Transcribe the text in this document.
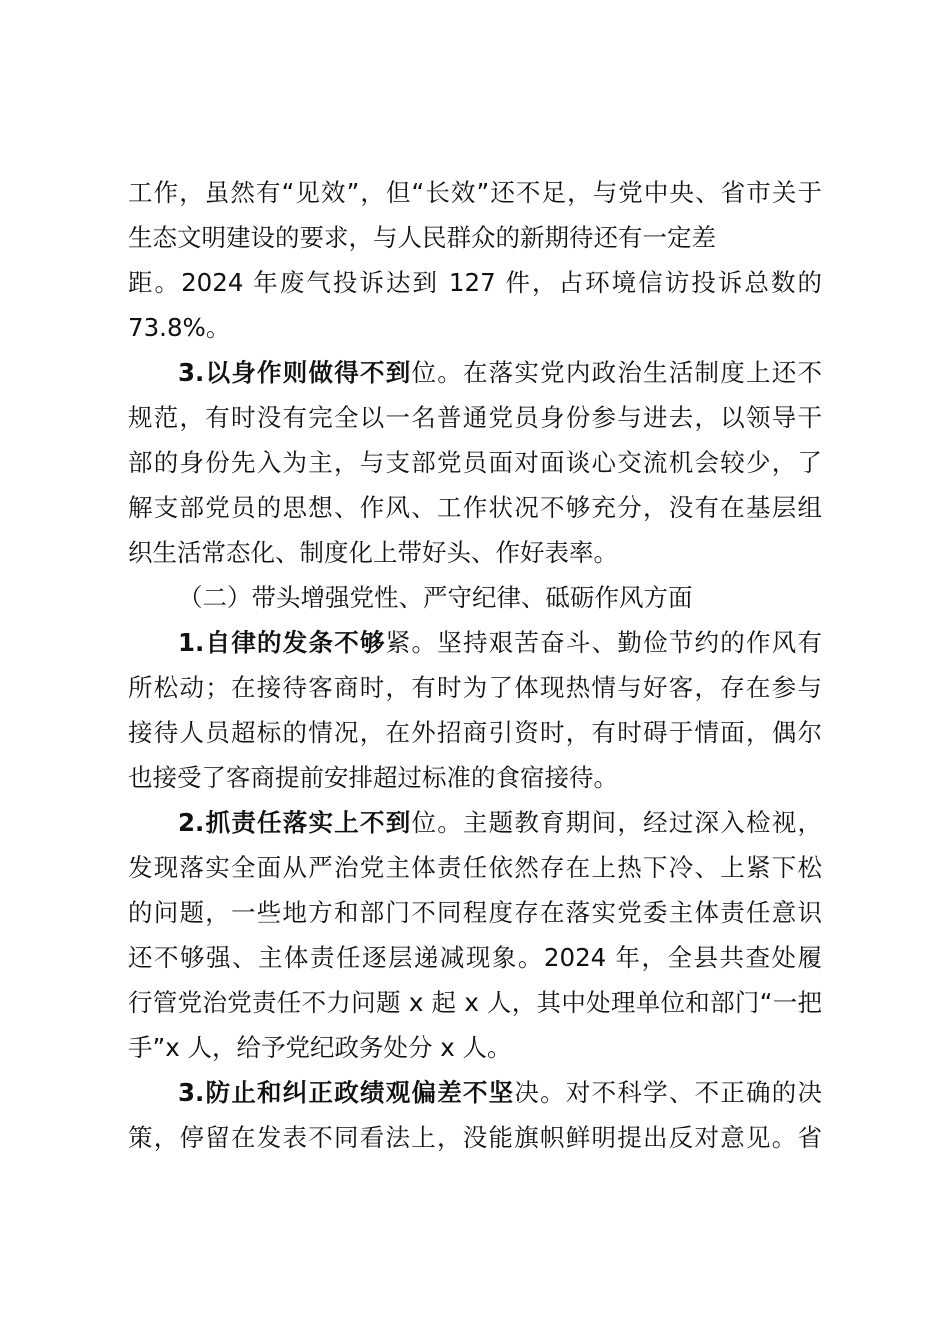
工作，虽然有“见效”，但“长效”还不足，与党中央、省市关于
生态文明建设的要求，与人民群众的新期待还有一定差
距。2024 年废气投诉达到 127 件，占环境信访投诉总数的
73.8%。
3.以身作则做得不到位。在落实党内政治生活制度上还不
规范，有时没有完全以一名普通党员身份参与进去，以领导干
部的身份先入为主，与支部党员面对面谈心交流机会较少，了
解支部党员的思想、作风、工作状况不够充分，没有在基层组
织生活常态化、制度化上带好头、作好表率。
（二）带头增强党性、严守纪律、砥砺作风方面
1.自律的发条不够紧。坚持艰苦奋斗、勤俭节约的作风有
所松动；在接待客商时，有时为了体现热情与好客，存在参与
接待人员超标的情况，在外招商引资时，有时碍于情面，偶尔
也接受了客商提前安排超过标准的食宿接待。
2.抓责任落实上不到位。主题教育期间，经过深入检视，
发现落实全面从严治党主体责任依然存在上热下冷、上紧下松
的问题，一些地方和部门不同程度存在落实党委主体责任意识
还不够强、主体责任逐层递减现象。2024 年，全县共查处履
行管党治党责任不力问题 x 起 x 人，其中处理单位和部门“一把
手”x 人，给予党纪政务处分 x 人。
3.防止和纠正政绩观偏差不坚决。对不科学、不正确的决
策，停留在发表不同看法上，没能旗帜鲜明提出反对意见。省
